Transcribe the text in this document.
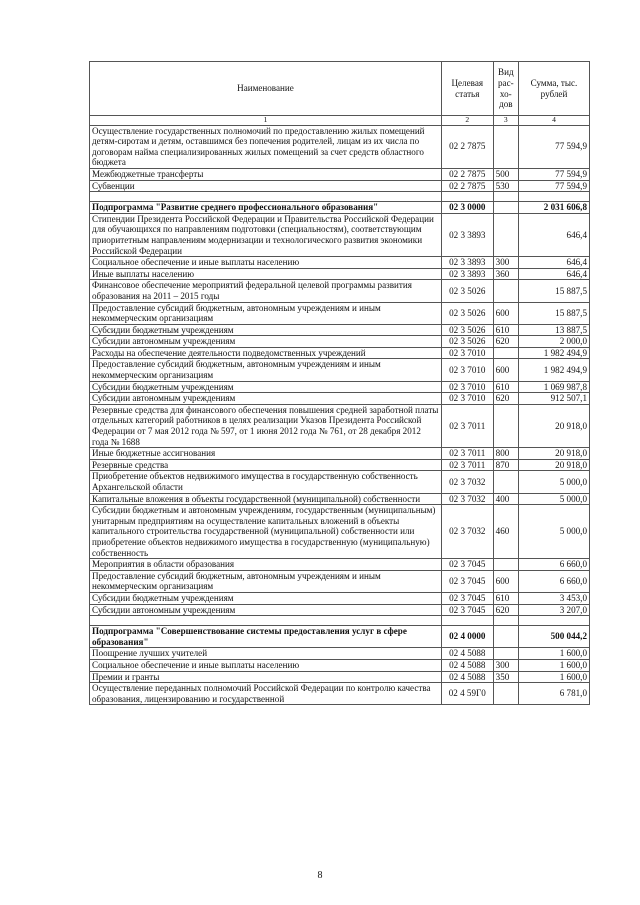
Наименование	Целевая статья	Вид рас-хо-дов	Сумма, тыс. рублей
1	2	3	4
Осуществление государственных полномочий по предоставлению жилых помещений детям-сиротам и детям, оставшимся без попечения родителей, лицам из их числа по договорам найма специализированных жилых помещений за счет средств областного бюджета	02 2 7875		77 594,9
Межбюджетные трансферты	02 2 7875	500	77 594,9
Субвенции	02 2 7875	530	77 594,9

Подпрограмма "Развитие среднего профессионального образования"	02 3 0000		2 031 606,8
Стипендии Президента Российской Федерации и Правительства Российской Федерации для обучающихся по направлениям подготовки (специальностям), соответствующим приоритетным направлениям модернизации и технологического развития экономики Российской Федерации	02 3 3893		646,4
Социальное обеспечение и иные выплаты населению	02 3 3893	300	646,4
Иные выплаты населению	02 3 3893	360	646,4
Финансовое обеспечение мероприятий федеральной целевой программы развития образования на 2011 – 2015 годы	02 3 5026		15 887,5
Предоставление субсидий бюджетным, автономным учреждениям и иным некоммерческим организациям	02 3 5026	600	15 887,5
Субсидии бюджетным учреждениям	02 3 5026	610	13 887,5
Субсидии автономным учреждениям	02 3 5026	620	2 000,0
Расходы на обеспечение деятельности подведомственных учреждений	02 3 7010		1 982 494,9
Предоставление субсидий бюджетным, автономным учреждениям и иным некоммерческим организациям	02 3 7010	600	1 982 494,9
Субсидии бюджетным учреждениям	02 3 7010	610	1 069 987,8
Субсидии автономным учреждениям	02 3 7010	620	912 507,1
Резервные средства для финансового обеспечения повышения средней заработной платы отдельных категорий работников в целях реализации Указов Президента Российской Федерации от 7 мая 2012 года № 597, от 1 июня 2012 года № 761, от 28 декабря 2012 года № 1688	02 3 7011		20 918,0
Иные бюджетные ассигнования	02 3 7011	800	20 918,0
Резервные средства	02 3 7011	870	20 918,0
Приобретение объектов недвижимого имущества в государственную собственность Архангельской области	02 3 7032		5 000,0
Капитальные вложения в объекты государственной (муниципальной) собственности	02 3 7032	400	5 000,0
Субсидии бюджетным и автономным учреждениям, государственным (муниципальным) унитарным предприятиям на осуществление капитальных вложений в объекты капитального строительства государственной (муниципальной) собственности или приобретение объектов недвижимого имущества в государственную (муниципальную) собственность	02 3 7032	460	5 000,0
Мероприятия в области образования	02 3 7045		6 660,0
Предоставление субсидий бюджетным, автономным учреждениям и иным некоммерческим организациям	02 3 7045	600	6 660,0
Субсидии бюджетным учреждениям	02 3 7045	610	3 453,0
Субсидии автономным учреждениям	02 3 7045	620	3 207,0

Подпрограмма "Совершенствование системы предоставления услуг в сфере образования"	02 4 0000		500 044,2
Поощрение лучших учителей	02 4 5088		1 600,0
Социальное обеспечение и иные выплаты населению	02 4 5088	300	1 600,0
Премии и гранты	02 4 5088	350	1 600,0
Осуществление переданных полномочий Российской Федерации по контролю качества образования, лицензированию и государственной	02 4 59Г0		6 781,0
8
